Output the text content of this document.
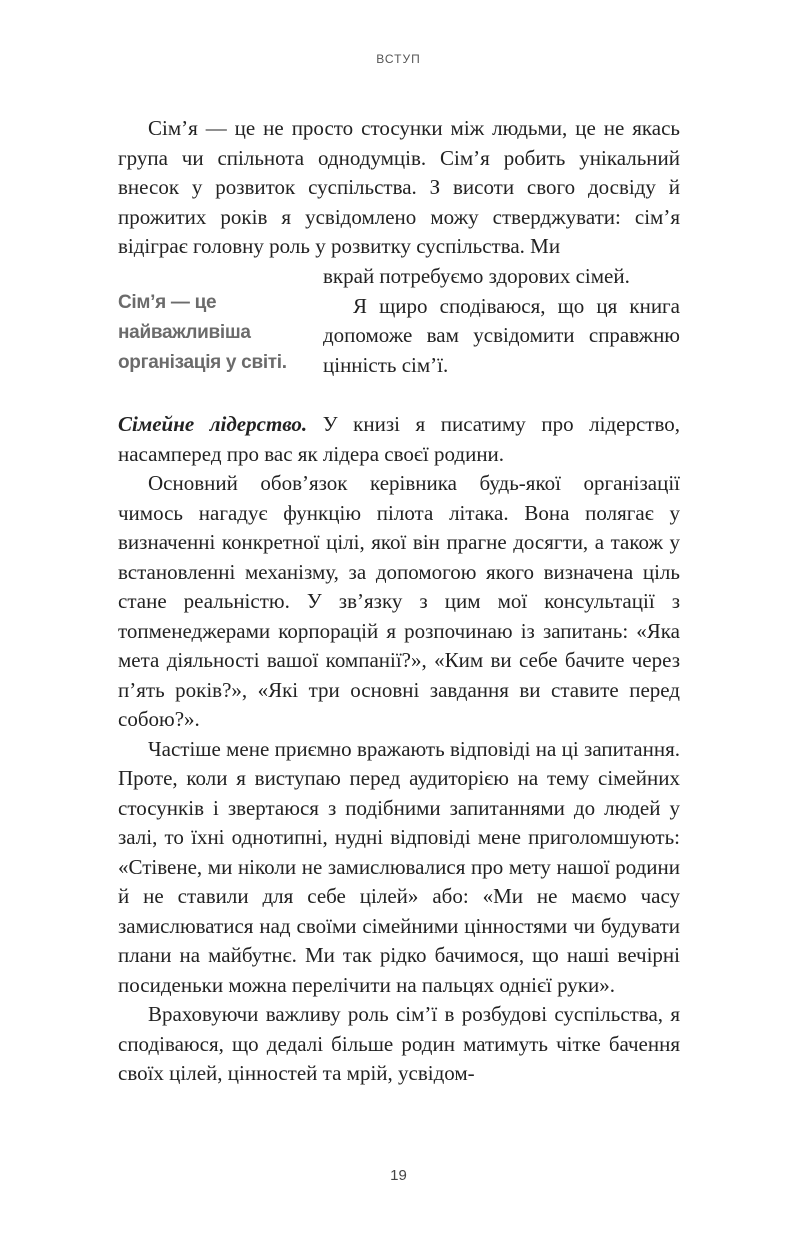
ВСТУП

Сім’я — це не просто стосунки між людьми, це не якась група чи спільнота однодумців. Сім’я робить унікальний внесок у розвиток суспільства. З висоти свого досвіду й прожитих років я усвідомлено можу стверджувати: сім’я відіграє головну роль у розвитку суспільства. Ми

Сім’я — це найважливіша організація у світі.

вкрай потребуємо здорових сімей.

Я щиро сподіваюся, що ця книга допоможе вам усвідомити справжню цінність сім’ї.

Сімейне лідерство. У книзі я писатиму про лідерство, насамперед про вас як лідера своєї родини.

Основний обов’язок керівника будь-якої організації чимось нагадує функцію пілота літака. Вона полягає у визначенні конкретної цілі, якої він прагне досягти, а також у встановленні механізму, за допомогою якого визначена ціль стане реальністю. У зв’язку з цим мої консультації з топменеджерами корпорацій я розпочинаю із запитань: «Яка мета діяльності вашої компанії?», «Ким ви себе бачите через п’ять років?», «Які три основні завдання ви ставите перед собою?».

Частіше мене приємно вражають відповіді на ці запитання. Проте, коли я виступаю перед аудиторією на тему сімейних стосунків і звертаюся з подібними запитаннями до людей у залі, то їхні однотипні, нудні відповіді мене приголомшують: «Стівене, ми ніколи не замислювалися про мету нашої родини й не ставили для себе цілей» або: «Ми не маємо часу замислюватися над своїми сімейними цінностями чи будувати плани на майбутнє. Ми так рідко бачимося, що наші вечірні посиденьки можна перелічити на пальцях однієї руки».

Враховуючи важливу роль сім’ї в розбудові суспільства, я сподіваюся, що дедалі більше родин матимуть чітке бачення своїх цілей, цінностей та мрій, усвідом-

19
